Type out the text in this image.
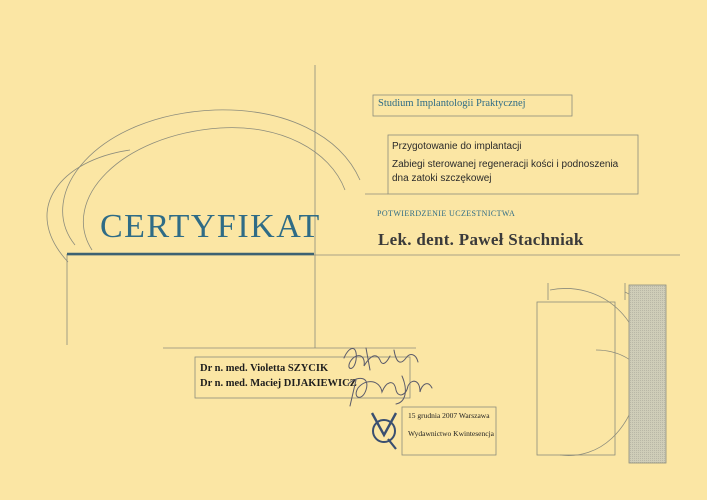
Studium Implantologii Praktycznej
Przygotowanie do implantacji
Zabiegi sterowanej regeneracji kości i podnoszenia
dna zatoki szczękowej
CERTYFIKAT	POTWIERDZENIE UCZESTNICTWA
Lek. dent. Paweł Stachniak
Dr n. med. Violetta SZYCIK
Dr n. med. Maciej DIJAKIEWICZ
15 grudnia 2007 Warszawa
Wydawnictwo Kwintesencja
